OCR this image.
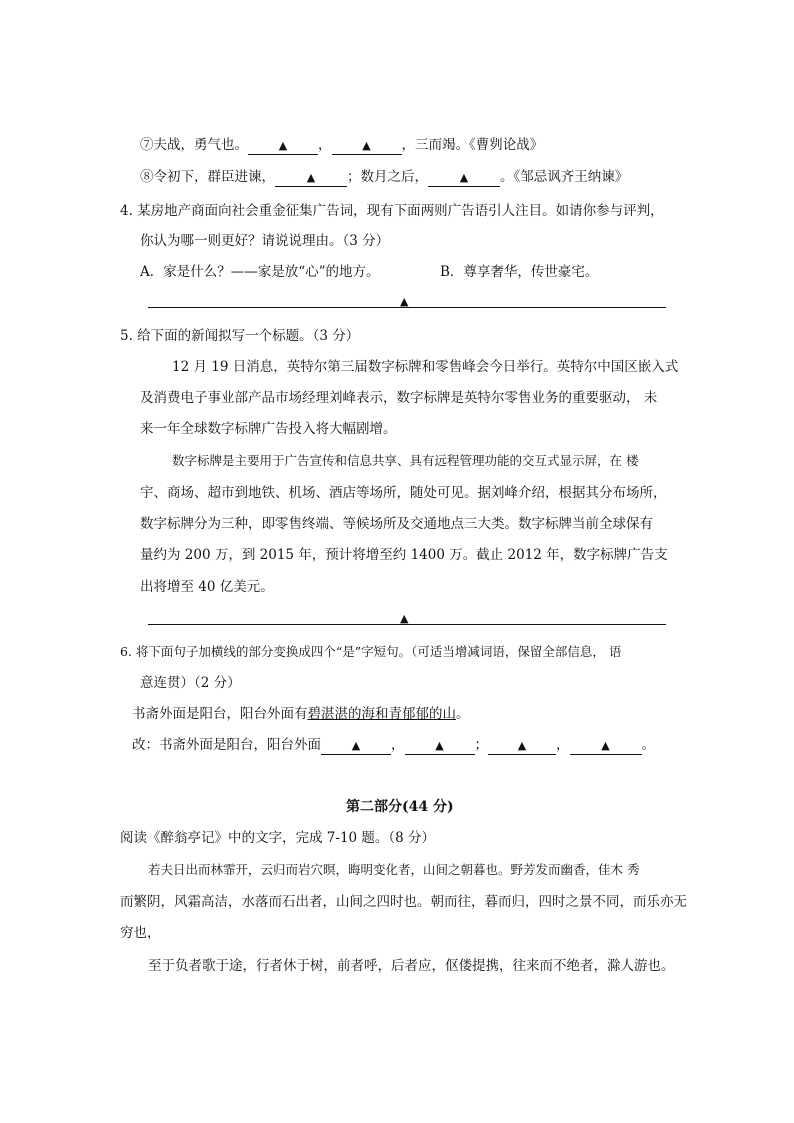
⑦夫战，勇气也。	▲ ，	▲ ，三而竭。《曹刿论战》
⑧令初下，群臣进谏，	▲ ；数月之后，	▲ 。《邹忌讽齐王纳谏》
4. 某房地产商面向社会重金征集广告词，现有下面两则广告语引人注目。如请你参与评判，
你认为哪一则更好？请说说理由。（3 分）
A．家是什么？——家是放“心”的地方。	B．尊享奢华，传世豪宅。
▲
5. 给下面的新闻拟写一个标题。（3 分）
12 月 19 日消息，英特尔第三届数字标牌和零售峰会今日举行。英特尔中国区嵌入式
及消费电子事业部产品市场经理刘峰表示，数字标牌是英特尔零售业务的重要驱动， 未
来一年全球数字标牌广告投入将大幅剧增。
数字标牌是主要用于广告宣传和信息共享、具有远程管理功能的交互式显示屏，在 楼
宇、商场、超市到地铁、机场、酒店等场所，随处可见。据刘峰介绍，根据其分布场所，
数字标牌分为三种，即零售终端、等候场所及交通地点三大类。数字标牌当前全球保有
量约为 200 万，到 2015 年，预计将增至约 1400 万。截止 2012 年，数字标牌广告支
出将增至 40 亿美元。
▲
6. 将下面句子加横线的部分变换成四个“是”字短句。（可适当增减词语，保留全部信息， 语
意连贯）（2 分）
书斋外面是阳台，阳台外面有碧湛湛的海和青郁郁的山。
改：书斋外面是阳台，阳台外面	▲ ，	▲ ；	▲ ，	▲ 。
第二部分(44 分)
阅读《醉翁亭记》中的文字，完成 7-10 题。（8 分）
若夫日出而林霏开，云归而岩穴暝，晦明变化者，山间之朝暮也。野芳发而幽香，佳木 秀
而繁阴，风霜高洁，水落而石出者，山间之四时也。朝而往，暮而归，四时之景不同，而乐亦无
穷也，
至于负者歌于途，行者休于树，前者呼，后者应，伛偻提携，往来而不绝者，滁人游也。
